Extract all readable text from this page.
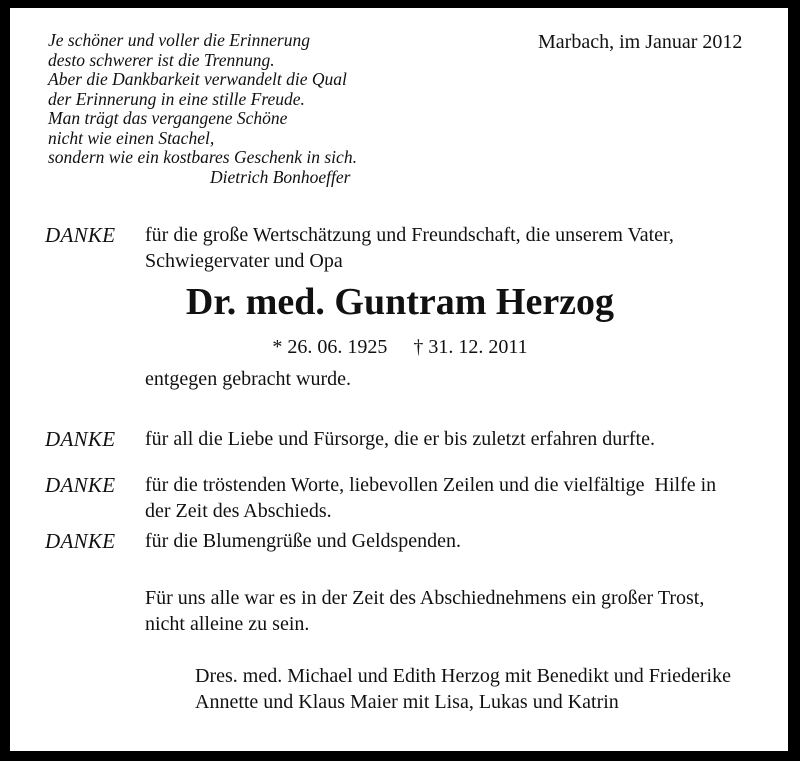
Je schöner und voller die Erinnerung
desto schwerer ist die Trennung.
Aber die Dankbarkeit verwandelt die Qual
der Erinnerung in eine stille Freude.
Man trägt das vergangene Schöne
nicht wie einen Stachel,
sondern wie ein kostbares Geschenk in sich.
Dietrich Bonhoeffer
Marbach, im Januar 2012
DANKE	für die große Wertschätzung und Freundschaft, die unserem Vater,
Schwiegervater und Opa
Dr. med. Guntram Herzog
* 26. 06. 1925 † 31. 12. 2011
entgegen gebracht wurde.
DANKE	für all die Liebe und Fürsorge, die er bis zuletzt erfahren durfte.
DANKE	für die tröstenden Worte, liebevollen Zeilen und die vielfältige  Hilfe in
der Zeit des Abschieds.
DANKE	für die Blumengrüße und Geldspenden.
Für uns alle war es in der Zeit des Abschiednehmens ein großer Trost,
nicht alleine zu sein.
Dres. med. Michael und Edith Herzog mit Benedikt und Friederike
Annette und Klaus Maier mit Lisa, Lukas und Katrin
